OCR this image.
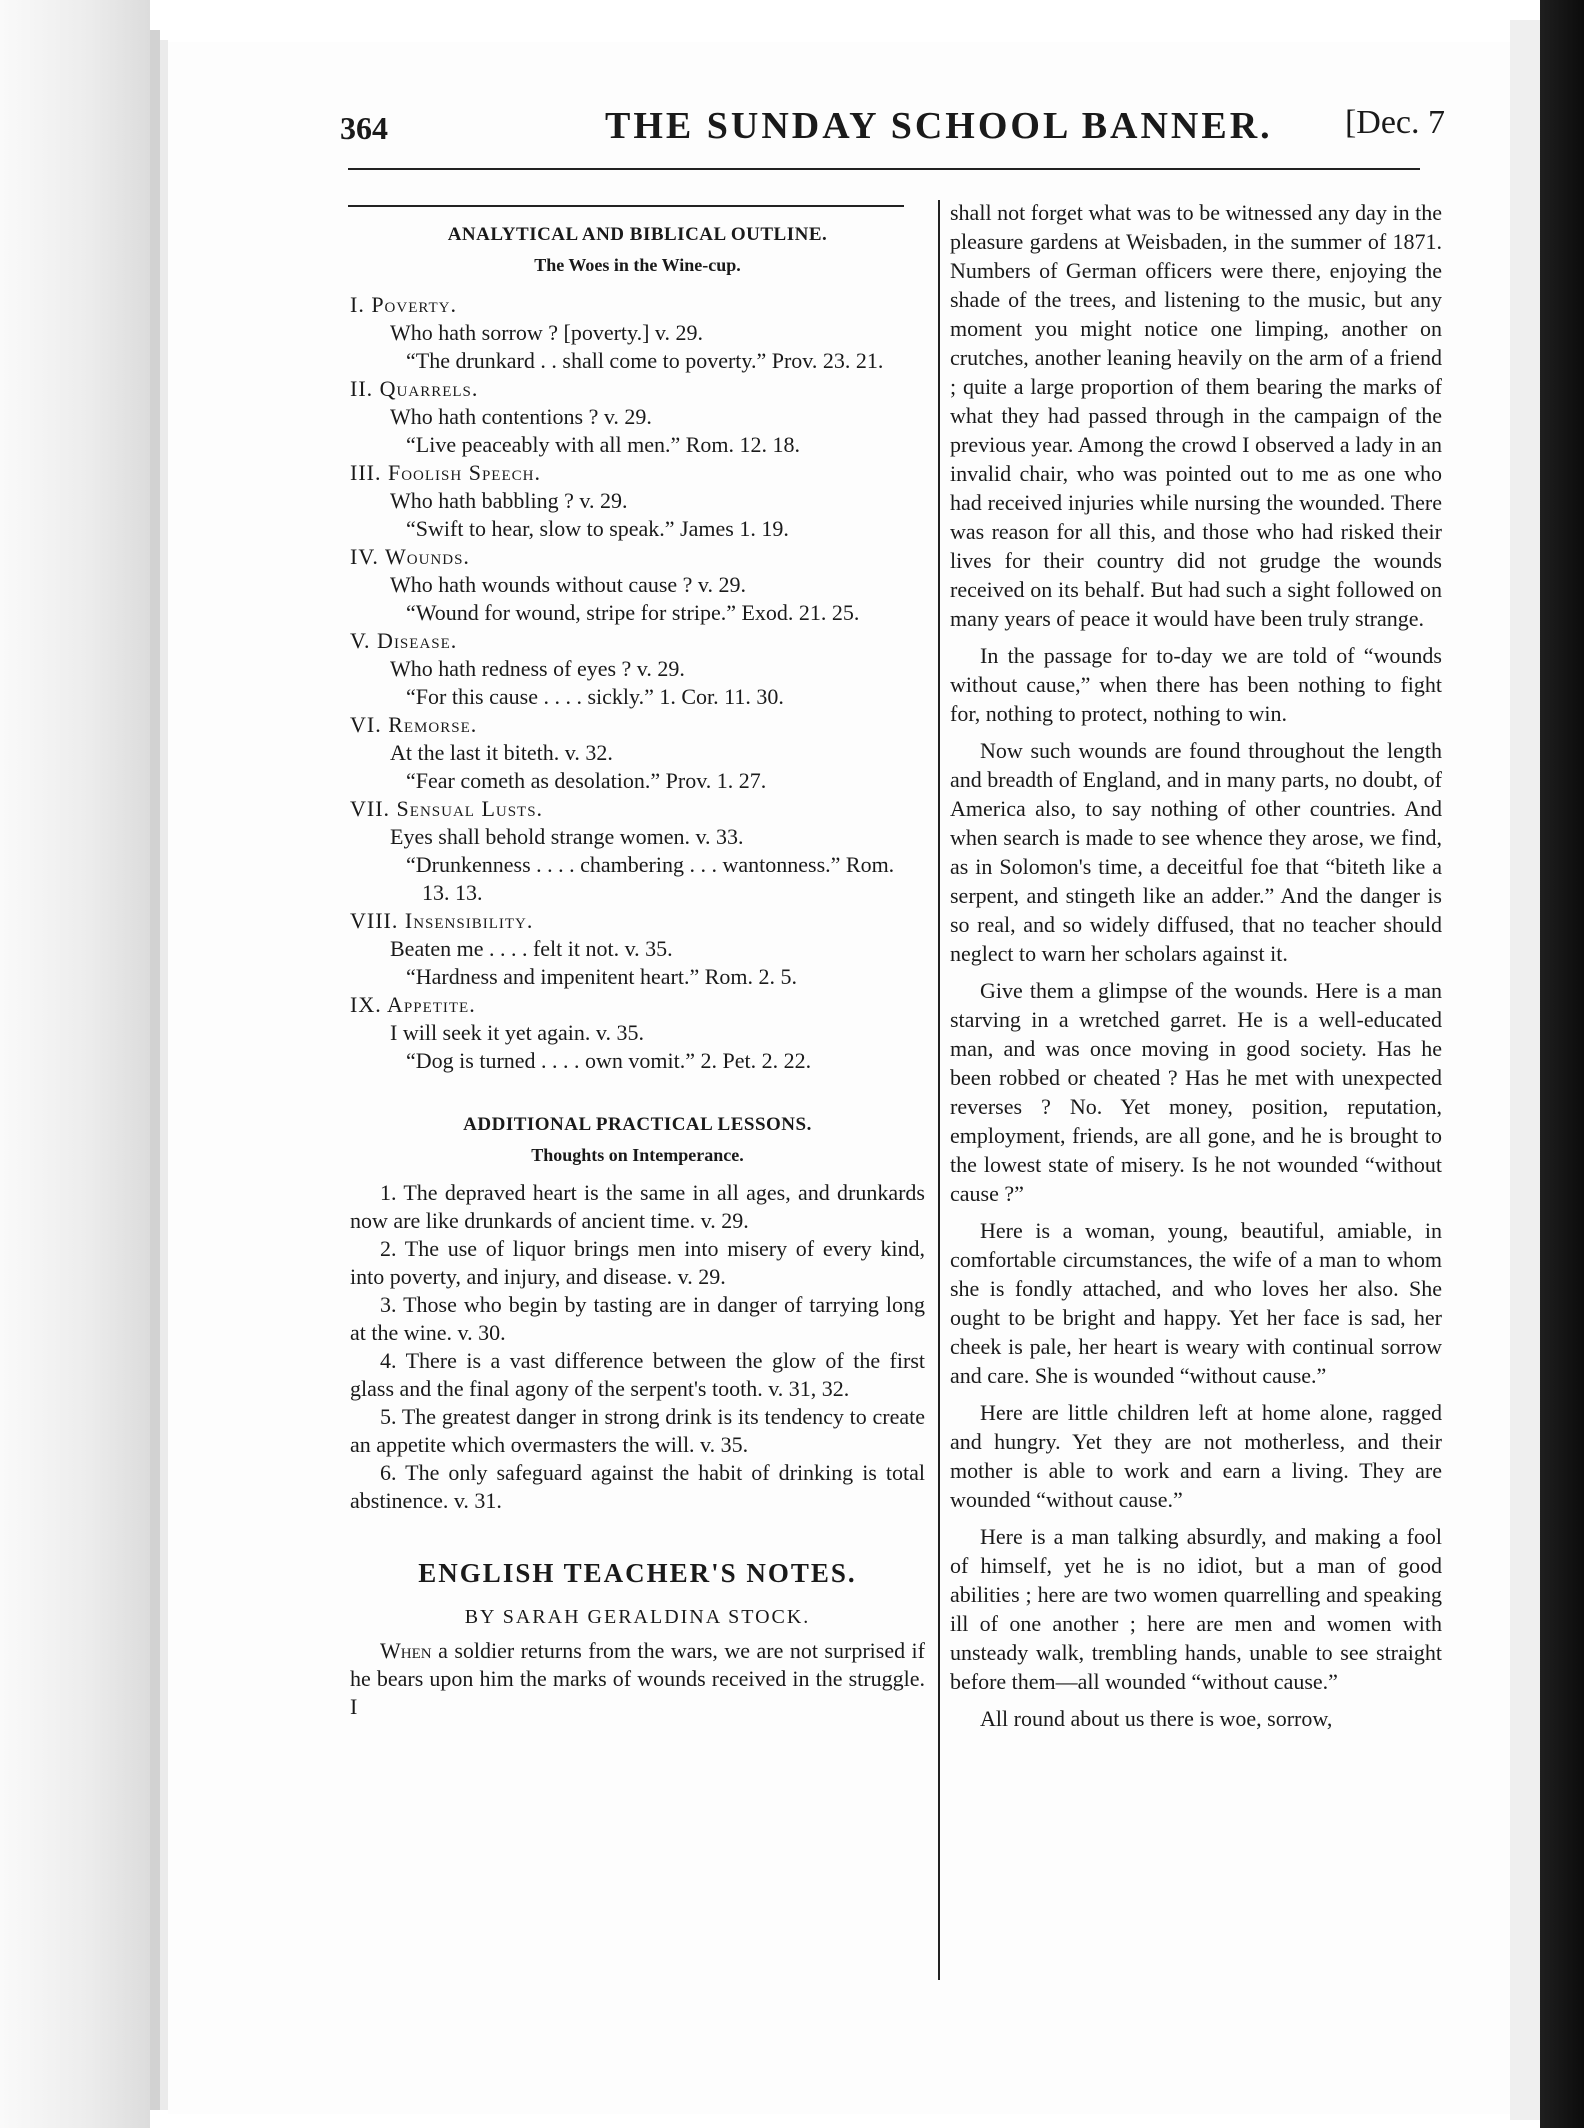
364	THE SUNDAY SCHOOL BANNER. [Dec. 7
ANALYTICAL AND BIBLICAL OUTLINE.
The Woes in the Wine-cup.

I. Poverty.

Who hath sorrow ? [poverty.] v. 29.

“The drunkard . . shall come to poverty.” Prov. 23. 21.

II. Quarrels.

Who hath contentions ? v. 29.

“Live peaceably with all men.” Rom. 12. 18.

III. Foolish Speech.

Who hath babbling ? v. 29.

“Swift to hear, slow to speak.” James 1. 19.

IV. Wounds.

Who hath wounds without cause ? v. 29.

“Wound for wound, stripe for stripe.” Exod. 21. 25.

V. Disease.

Who hath redness of eyes ? v. 29.

“For this cause . . . . sickly.” 1. Cor. 11. 30.

VI. Remorse.

At the last it biteth. v. 32.

“Fear cometh as desolation.” Prov. 1. 27.

VII. Sensual Lusts.

Eyes shall behold strange women. v. 33.

“Drunkenness . . . . chambering . . . wantonness.” Rom. 13. 13.

VIII. Insensibility.

Beaten me . . . . felt it not. v. 35.

“Hardness and impenitent heart.” Rom. 2. 5.

IX. Appetite.

I will seek it yet again. v. 35.

“Dog is turned . . . . own vomit.” 2. Pet. 2. 22.

ADDITIONAL PRACTICAL LESSONS.
Thoughts on Intemperance.

1. The depraved heart is the same in all ages, and drunkards now are like drunkards of ancient time. v. 29.

2. The use of liquor brings men into misery of every kind, into poverty, and injury, and disease. v. 29.

3. Those who begin by tasting are in danger of tarrying long at the wine. v. 30.

4. There is a vast difference between the glow of the first glass and the final agony of the serpent's tooth. v. 31, 32.

5. The greatest danger in strong drink is its tendency to create an appetite which overmasters the will. v. 35.

6. The only safeguard against the habit of drinking is total abstinence. v. 31.

ENGLISH TEACHER'S NOTES.
BY SARAH GERALDINA STOCK.

When a soldier returns from the wars, we are not surprised if he bears upon him the marks of wounds received in the struggle. I

shall not forget what was to be witnessed any day in the pleasure gardens at Weisbaden, in the summer of 1871. Numbers of German officers were there, enjoying the shade of the trees, and listening to the music, but any moment you might notice one limping, another on crutches, another leaning heavily on the arm of a friend ; quite a large proportion of them bearing the marks of what they had passed through in the campaign of the previous year. Among the crowd I observed a lady in an invalid chair, who was pointed out to me as one who had received injuries while nursing the wounded. There was reason for all this, and those who had risked their lives for their country did not grudge the wounds received on its behalf. But had such a sight followed on many years of peace it would have been truly strange.

In the passage for to-day we are told of “wounds without cause,” when there has been nothing to fight for, nothing to protect, nothing to win.

Now such wounds are found throughout the length and breadth of England, and in many parts, no doubt, of America also, to say nothing of other countries. And when search is made to see whence they arose, we find, as in Solomon's time, a deceitful foe that “biteth like a serpent, and stingeth like an adder.” And the danger is so real, and so widely diffused, that no teacher should neglect to warn her scholars against it.

Give them a glimpse of the wounds. Here is a man starving in a wretched garret. He is a well-educated man, and was once moving in good society. Has he been robbed or cheated ? Has he met with unexpected reverses ? No. Yet money, position, reputation, employment, friends, are all gone, and he is brought to the lowest state of misery. Is he not wounded “without cause ?”

Here is a woman, young, beautiful, amiable, in comfortable circumstances, the wife of a man to whom she is fondly attached, and who loves her also. She ought to be bright and happy. Yet her face is sad, her cheek is pale, her heart is weary with continual sorrow and care. She is wounded “without cause.”

Here are little children left at home alone, ragged and hungry. Yet they are not motherless, and their mother is able to work and earn a living. They are wounded “without cause.”

Here is a man talking absurdly, and making a fool of himself, yet he is no idiot, but a man of good abilities ; here are two women quarrelling and speaking ill of one another ; here are men and women with unsteady walk, trembling hands, unable to see straight before them—all wounded “without cause.”

All round about us there is woe, sorrow,
